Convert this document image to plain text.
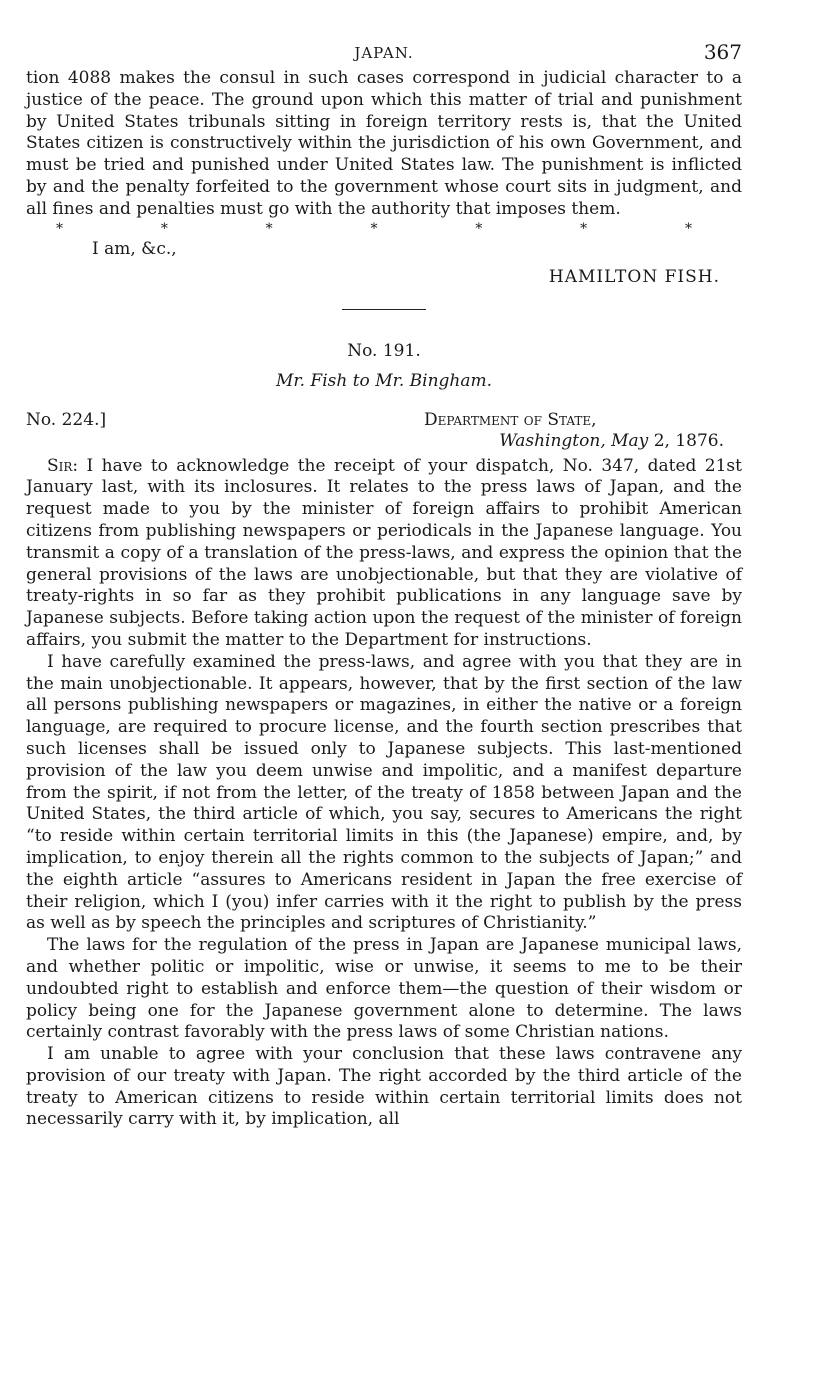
JAPAN.	367

tion 4088 makes the consul in such cases correspond in judicial character to a justice of the peace. The ground upon which this matter of trial and punishment by United States tribunals sitting in foreign territory rests is, that the United States citizen is constructively within the jurisdiction of his own Government, and must be tried and punished under United States law. The punishment is inflicted by and the penalty forfeited to the government whose court sits in judgment, and all fines and penalties must go with the authority that imposes them.

*	*	*	*	*	*	*
I am, &c.,
HAMILTON FISH.
No. 191.
Mr. Fish to Mr. Bingham.
No. 224.]	Department of State,
Washington, May 2, 1876.

Sir: I have to acknowledge the receipt of your dispatch, No. 347, dated 21st January last, with its inclosures. It relates to the press laws of Japan, and the request made to you by the minister of foreign affairs to prohibit American citizens from publishing newspapers or periodicals in the Japanese language. You transmit a copy of a translation of the press-laws, and express the opinion that the general provisions of the laws are unobjectionable, but that they are violative of treaty-rights in so far as they prohibit publications in any language save by Japanese subjects. Before taking action upon the request of the minister of foreign affairs, you submit the matter to the Department for instructions.

I have carefully examined the press-laws, and agree with you that they are in the main unobjectionable. It appears, however, that by the first section of the law all persons publishing newspapers or magazines, in either the native or a foreign language, are required to procure license, and the fourth section prescribes that such licenses shall be issued only to Japanese subjects. This last-mentioned provision of the law you deem unwise and impolitic, and a manifest departure from the spirit, if not from the letter, of the treaty of 1858 between Japan and the United States, the third article of which, you say, secures to Americans the right “to reside within certain territorial limits in this (the Japanese) empire, and, by implication, to enjoy therein all the rights common to the subjects of Japan;” and the eighth article “assures to Americans resident in Japan the free exercise of their religion, which I (you) infer carries with it the right to publish by the press as well as by speech the principles and scriptures of Christianity.”

The laws for the regulation of the press in Japan are Japanese municipal laws, and whether politic or impolitic, wise or unwise, it seems to me to be their undoubted right to establish and enforce them—the question of their wisdom or policy being one for the Japanese government alone to determine. The laws certainly contrast favorably with the press laws of some Christian nations.

I am unable to agree with your conclusion that these laws contravene any provision of our treaty with Japan. The right accorded by the third article of the treaty to American citizens to reside within certain territorial limits does not necessarily carry with it, by implication, all
